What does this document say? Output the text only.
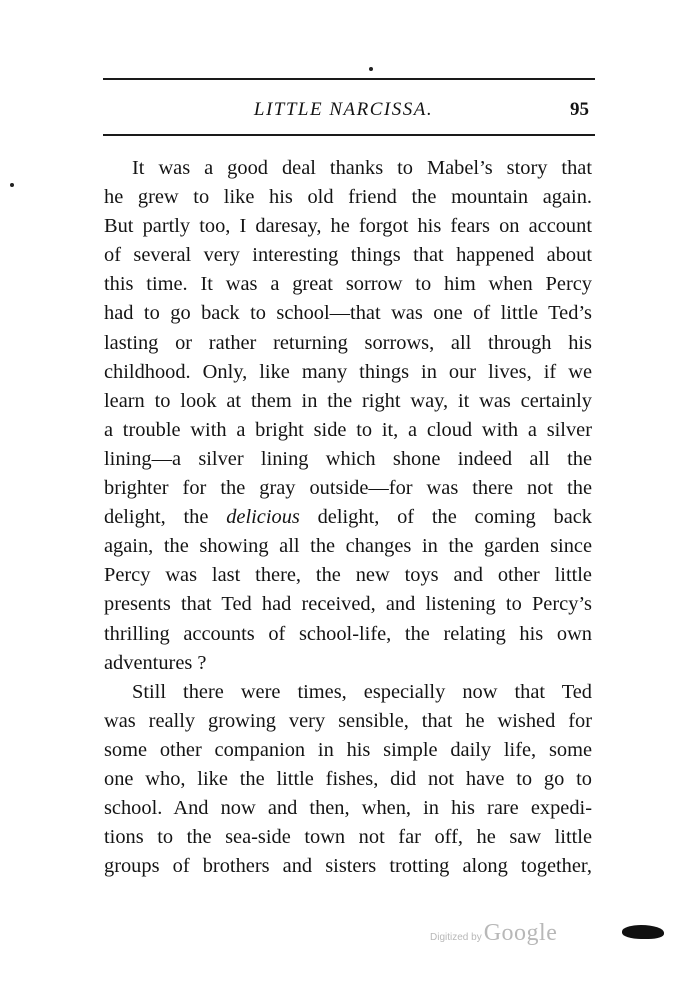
LITTLE NARCISSA.	95
It was a good deal thanks to Mabel’s story that
he grew to like his old friend the mountain again.
But partly too, I daresay, he forgot his fears on account
of several very interesting things that happened about
this time. It was a great sorrow to him when Percy
had to go back to school—that was one of little Ted’s
lasting or rather returning sorrows, all through his
childhood. Only, like many things in our lives, if we
learn to look at them in the right way, it was certainly
a trouble with a bright side to it, a cloud with a silver
lining—a silver lining which shone indeed all the
brighter for the gray outside—for was there not the
delight, the delicious delight, of the coming back
again, the showing all the changes in the garden since
Percy was last there, the new toys and other little
presents that Ted had received, and listening to Percy’s
thrilling accounts of school-life, the relating his own
adventures ?
Still there were times, especially now that Ted
was really growing very sensible, that he wished for
some other companion in his simple daily life, some
one who, like the little fishes, did not have to go to
school. And now and then, when, in his rare expedi-
tions to the sea-side town not far off, he saw little
groups of brothers and sisters trotting along together,
Digitized by Google
